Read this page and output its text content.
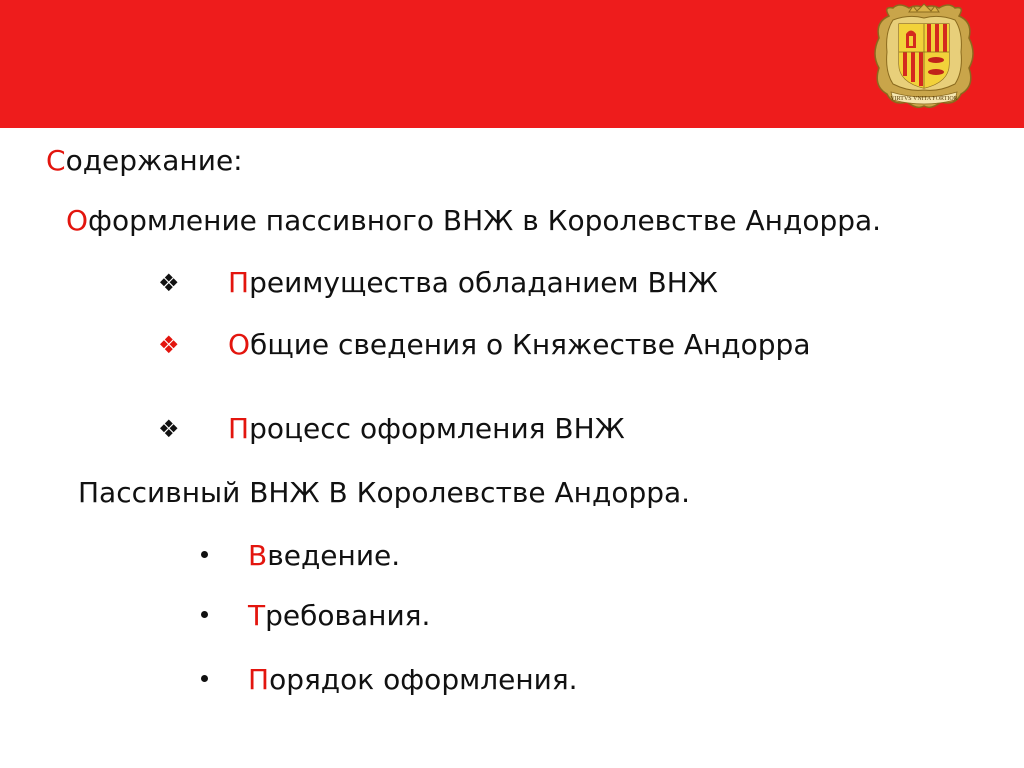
VIRTVS VNITA FORTIOR
Содержание:
Оформление пассивного ВНЖ в Королевстве Андорра.
❖ Преимущества обладанием ВНЖ
❖ Общие сведения о Княжестве Андорра
❖ Процесс оформления ВНЖ
Пассивный ВНЖ В Королевстве Андорра.
Введение.
Требования.
Порядок оформления.
